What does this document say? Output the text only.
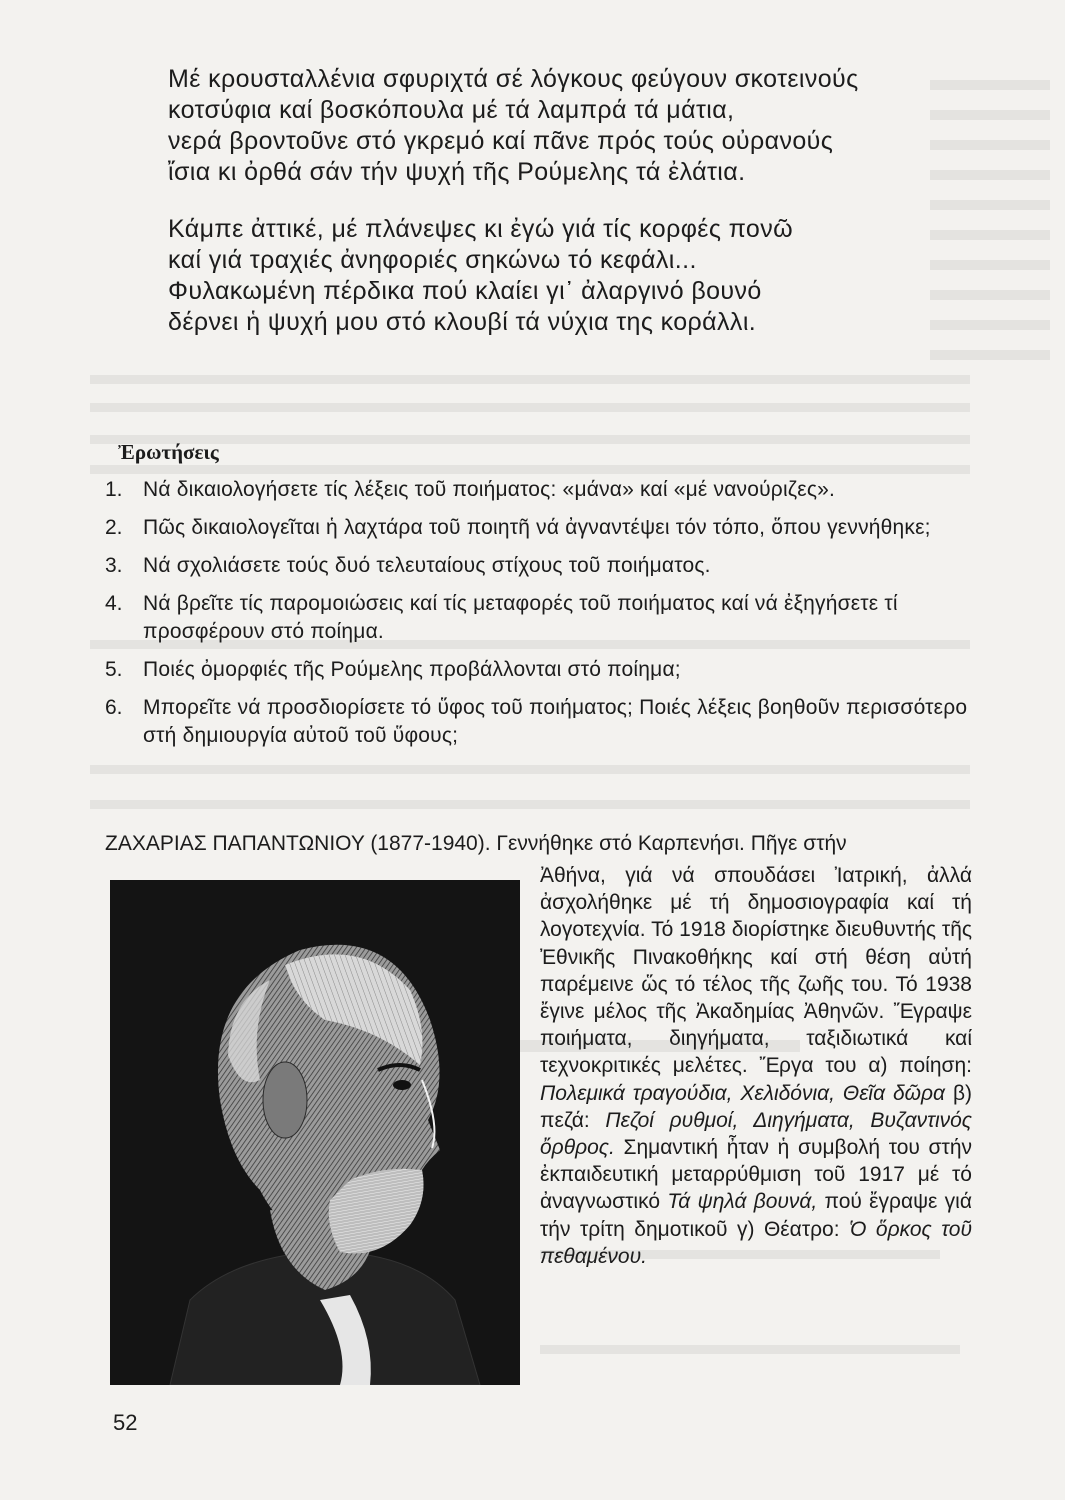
Μέ κρουσταλλένια σφυριχτά σέ λόγκους φεύγουν σκοτεινούς
κοτσύφια καί βοσκόπουλα μέ τά λαμπρά τά μάτια,
νερά βροντοῦνε στό γκρεμό καί πᾶνε πρός τούς οὐρανούς
ἴσια κι ὀρθά σάν τήν ψυχή τῆς Ρούμελης τά ἐλάτια.
Κάμπε ἀττικέ, μέ πλάνεψες κι ἐγώ γιά τίς κορφές πονῶ
καί γιά τραχιές ἀνηφοριές σηκώνω τό κεφάλι...
Φυλακωμένη πέρδικα πού κλαίει γι᾽ ἀλαργινό βουνό
δέρνει ἡ ψυχή μου στό κλουβί τά νύχια της κοράλλι.
Ἐρωτήσεις
1. Νά δικαιολογήσετε τίς λέξεις τοῦ ποιήματος: «μάνα» καί «μέ νανούριζες».
2. Πῶς δικαιολογεῖται ἡ λαχτάρα τοῦ ποιητῆ νά ἀγναντέψει τόν τόπο, ὅπου γεννήθηκε;
3. Νά σχολιάσετε τούς δυό τελευταίους στίχους τοῦ ποιήματος.
4. Νά βρεῖτε τίς παρομοιώσεις καί τίς μεταφορές τοῦ ποιήματος καί νά ἐξηγήσετε τί προσφέρουν στό ποίημα.
5. Ποιές ὀμορφιές τῆς Ρούμελης προβάλλονται στό ποίημα;
6. Μπορεῖτε νά προσδιορίσετε τό ὕφος τοῦ ποιήματος; Ποιές λέξεις βοηθοῦν περισσότερο στή δημιουργία αὐτοῦ τοῦ ὕφους;
ΖΑΧΑΡΙΑΣ ΠΑΠΑΝΤΩΝΙΟΥ (1877-1940). Γεννήθηκε στό Καρπενήσι. Πῆγε στήν
Ἀθήνα, γιά νά σπουδάσει Ἰατρική, ἀλλά ἀσχολήθηκε μέ τή δημοσιογραφία καί τή λογοτεχνία. Τό 1918 διορίστηκε διευθυντής τῆς Ἐθνικῆς Πινακοθήκης καί στή θέση αὐτή παρέμεινε ὥς τό τέλος τῆς ζωῆς του. Τό 1938 ἔγινε μέλος τῆς Ἀκαδημίας Ἀθηνῶν. Ἔγραψε ποιήματα, διηγήματα, ταξιδιωτικά καί τεχνοκριτικές μελέτες. Ἔργα του α) ποίηση: Πολεμικά τραγούδια, Χελιδόνια, Θεῖα δῶρα β) πεζά: Πεζοί ρυθμοί, Διηγήματα, Βυζαντινός ὄρθρος. Σημαντική ἦταν ἡ συμβολή του στήν ἐκπαιδευτική μεταρρύθμιση τοῦ 1917 μέ τό ἀναγνωστικό Τά ψηλά βουνά, πού ἔγραψε γιά τήν τρίτη δημοτικοῦ γ) Θέατρο: Ὁ ὅρκος τοῦ πεθαμένου.
52
